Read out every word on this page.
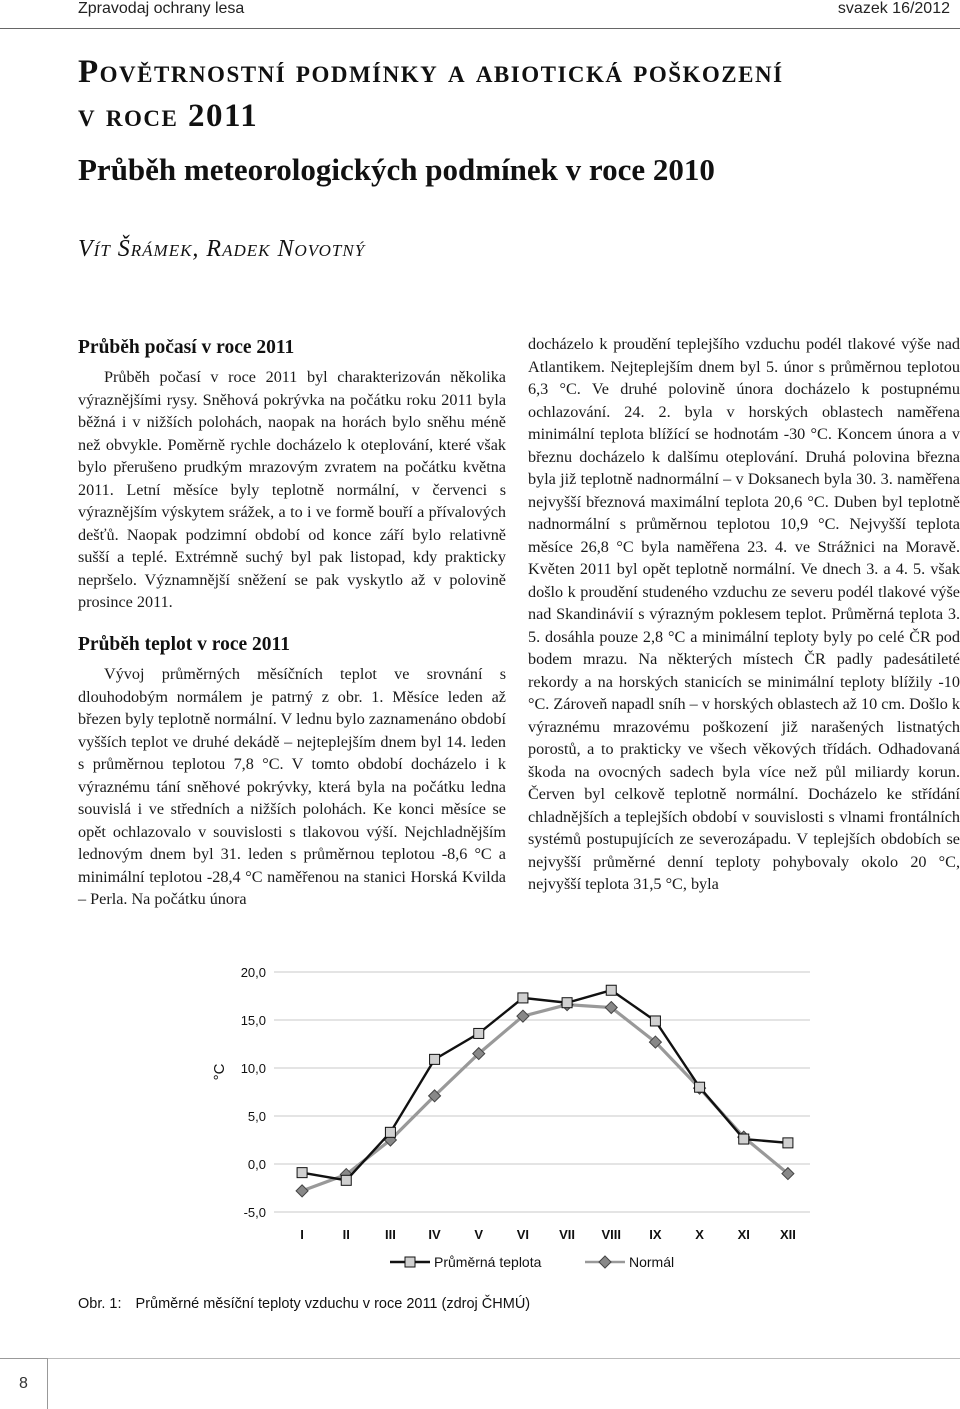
Zpravodaj ochrany lesa	svazek 16/2012
Povětrnostní podmínky a abiotická poškození
v roce 2011
Průběh meteorologických podmínek v roce 2010
Vít Šrámek, Radek Novotný
Průběh počasí v roce 2011

Průběh počasí v roce 2011 byl charakterizován několika výraznějšími rysy. Sněhová pokrývka na počátku roku 2011 byla běžná i v nižších polohách, naopak na horách bylo sněhu méně než obvykle. Poměrně rychle docházelo k oteplování, které však bylo přerušeno prudkým mrazovým zvratem na počátku května 2011. Letní měsíce byly teplotně normální, v červenci s výraznějším výskytem srážek, a to i ve formě bouří a přívalových dešťů. Naopak podzimní období od konce září bylo relativně sušší a teplé. Extrémně suchý byl pak listopad, kdy prakticky nepršelo. Významnější sněžení se pak vyskytlo až v polovině prosince 2011.

Průběh teplot v roce 2011

Vývoj průměrných měsíčních teplot ve srovnání s dlouhodobým normálem je patrný z obr. 1. Měsíce leden až březen byly teplotně normální. V lednu bylo zaznamenáno období vyšších teplot ve druhé dekádě – nejteplejším dnem byl 14. leden s průměrnou teplotou 7,8 °C. V tomto období docházelo i k výraznému tání sněhové pokrývky, která byla na počátku ledna souvislá i ve středních a nižších polohách. Ke konci měsíce se opět ochlazovalo v souvislosti s tlakovou výší. Nejchladnějším lednovým dnem byl 31. leden s průměrnou teplotou -8,6 °C a minimální teplotou -28,4 °C naměřenou na stanici Horská Kvilda – Perla. Na počátku února

docházelo k proudění teplejšího vzduchu podél tlakové výše nad Atlantikem. Nejteplejším dnem byl 5. únor s průměrnou teplotou 6,3 °C. Ve druhé polovině února docházelo k postupnému ochlazování. 24. 2. byla v horských oblastech naměřena minimální teplota blížící se hodnotám -30 °C. Koncem února a v březnu docházelo k dalšímu oteplování. Druhá polovina března byla již teplotně nadnormální – v Doksanech byla 30. 3. naměřena nejvyšší březnová maximální teplota 20,6 °C. Duben byl teplotně nadnormální s průměrnou teplotou 10,9 °C. Nejvyšší teplota měsíce 26,8 °C byla naměřena 23. 4. ve Strážnici na Moravě. Květen 2011 byl opět teplotně normální. Ve dnech 3. a 4. 5. však došlo k proudění studeného vzduchu ze severu podél tlakové výše nad Skandinávií s výrazným poklesem teplot. Průměrná teplota 3. 5. dosáhla pouze 2,8 °C a minimální teploty byly po celé ČR pod bodem mrazu. Na některých místech ČR padly padesátileté rekordy a na horských stanicích se minimální teploty blížily -10 °C. Zároveň napadl sníh – v horských oblastech až 10 cm. Došlo k výraznému mrazovému poškození již narašených listnatých porostů, a to prakticky ve všech věkových třídách. Odhadovaná škoda na ovocných sadech byla více než půl miliardy korun. Červen byl celkově teplotně normální. Docházelo ke střídání chladnějších a teplejších období v souvislosti s vlnami frontálních systémů postupujících ze severozápadu. V teplejších obdobích se nejvyšší průměrné denní teploty pohybovaly okolo 20 °C, nejvyšší teplota 31,5 °C, byla

-5,0
0,0
5,0
10,0
15,0
20,0
°C
I	II	III	IV	V	VI VII VIII IX	X	XI XII
Průměrná teplota	Normál
Obr. 1: Průměrné měsíční teploty vzduchu v roce 2011 (zdroj ČHMÚ)
8
